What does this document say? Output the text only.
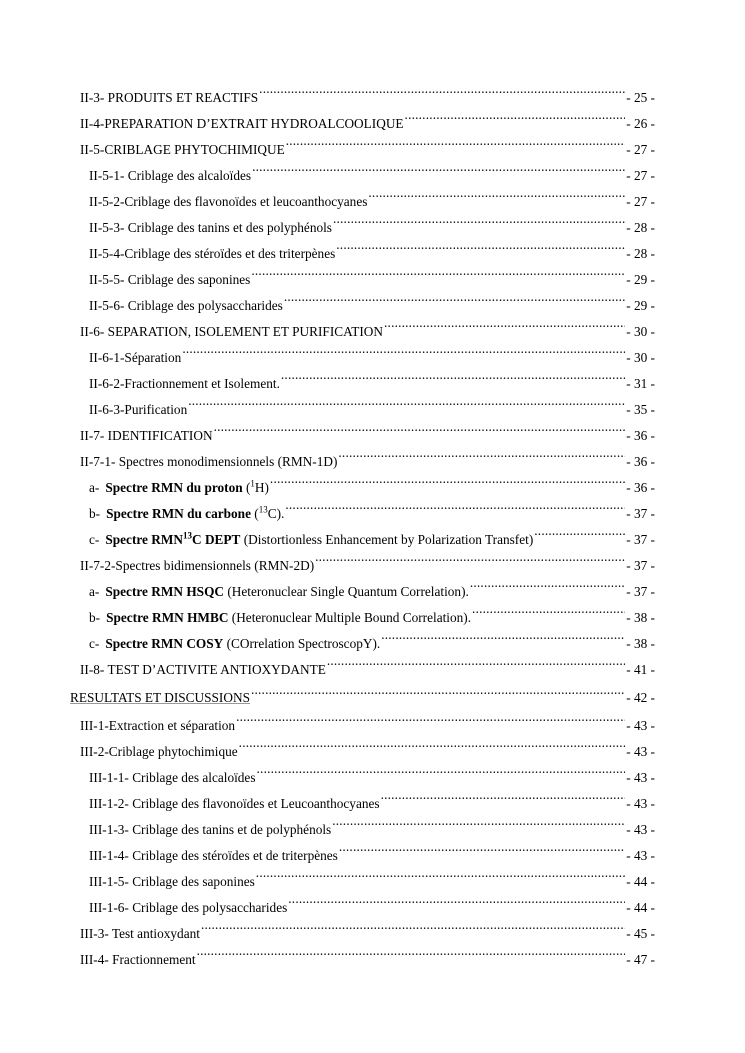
II-3- PRODUITS ET REACTIFS .....	- 25 -
II-4-PREPARATION D’EXTRAIT HYDROALCOOLIQUE .....	- 26 -
II-5-CRIBLAGE PHYTOCHIMIQUE .....	- 27 -
II-5-1- Criblage des alcaloïdes .....	- 27 -
II-5-2-Criblage des flavonoïdes et leucoanthocyanes .....	- 27 -
II-5-3- Criblage des tanins et des polyphénols .....	- 28 -
II-5-4-Criblage des stéroïdes et des triterpènes .....	- 28 -
II-5-5- Criblage des saponines .....	- 29 -
II-5-6- Criblage des polysaccharides .....	- 29 -
II-6- SEPARATION, ISOLEMENT ET PURIFICATION .....	- 30 -
II-6-1-Séparation .....	- 30 -
II-6-2-Fractionnement et Isolement. .....	- 31 -
II-6-3-Purification .....	- 35 -
II-7- IDENTIFICATION .....	- 36 -
II-7-1- Spectres monodimensionnels (RMN-1D) .....	- 36 -
a- Spectre RMN du proton ($^1$H) .....	- 36 -
b- Spectre RMN du carbone ($^{13}$C). .....	- 37 -
c- Spectre RMN$^{13}$C DEPT (Distortionless Enhancement by Polarization Transfet) .....	- 37 -
II-7-2-Spectres bidimensionnels (RMN-2D) .....	- 37 -
a- Spectre RMN HSQC (Heteronuclear Single Quantum Correlation). .....	- 37 -
b- Spectre RMN HMBC (Heteronuclear Multiple Bound Correlation). .....	- 38 -
c- Spectre RMN COSY (COrrelation SpectroscopY). .....	- 38 -
II-8- TEST D’ACTIVITE ANTIOXYDANTE .....	- 41 -
RESULTATS ET DISCUSSIONS .....	- 42 -
III-1-Extraction et séparation .....	- 43 -
III-2-Criblage phytochimique .....	- 43 -
III-1-1- Criblage des alcaloïdes .....	- 43 -
III-1-2- Criblage des flavonoïdes et Leucoanthocyanes .....	- 43 -
III-1-3- Criblage des tanins et de polyphénols .....	- 43 -
III-1-4- Criblage des stéroïdes et de triterpènes .....	- 43 -
III-1-5- Criblage des saponines .....	- 44 -
III-1-6- Criblage des polysaccharides .....	- 44 -
III-3- Test antioxydant .....	- 45 -
III-4- Fractionnement .....	- 47 -
